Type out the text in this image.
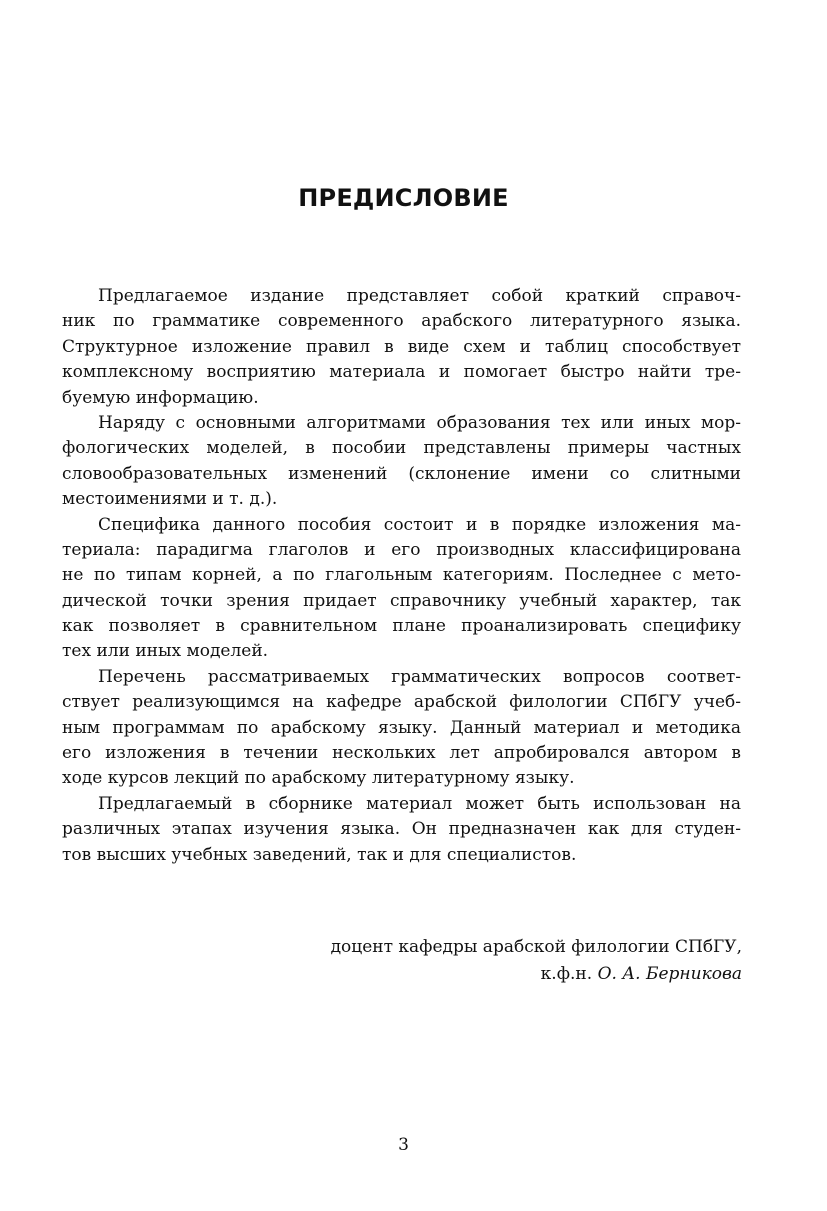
ПРЕДИСЛОВИЕ
Предлагаемое издание представляет собой краткий справоч-
ник по грамматике современного арабского литературного языка.
Структурное изложение правил в виде схем и таблиц способствует
комплексному восприятию материала и помогает быстро найти тре-
буемую информацию.
Наряду с основными алгоритмами образования тех или иных мор-
фологических моделей, в пособии представлены примеры частных
словообразовательных изменений (склонение имени со слитными
местоимениями и т. д.).
Специфика данного пособия состоит и в порядке изложения ма-
териала: парадигма глаголов и его производных классифицирована
не по типам корней, а по глагольным категориям. Последнее с мето-
дической точки зрения придает справочнику учебный характер, так
как позволяет в сравнительном плане проанализировать специфику
тех или иных моделей.
Перечень рассматриваемых грамматических вопросов соответ-
ствует реализующимся на кафедре арабской филологии СПбГУ учеб-
ным программам по арабскому языку. Данный материал и методика
его изложения в течении нескольких лет апробировался автором в
ходе курсов лекций по арабскому литературному языку.
Предлагаемый в сборнике материал может быть использован на
различных этапах изучения языка. Он предназначен как для студен-
тов высших учебных заведений, так и для специалистов.
доцент кафедры арабской филологии СПбГУ,
к.ф.н. О. А. Берникова
3
